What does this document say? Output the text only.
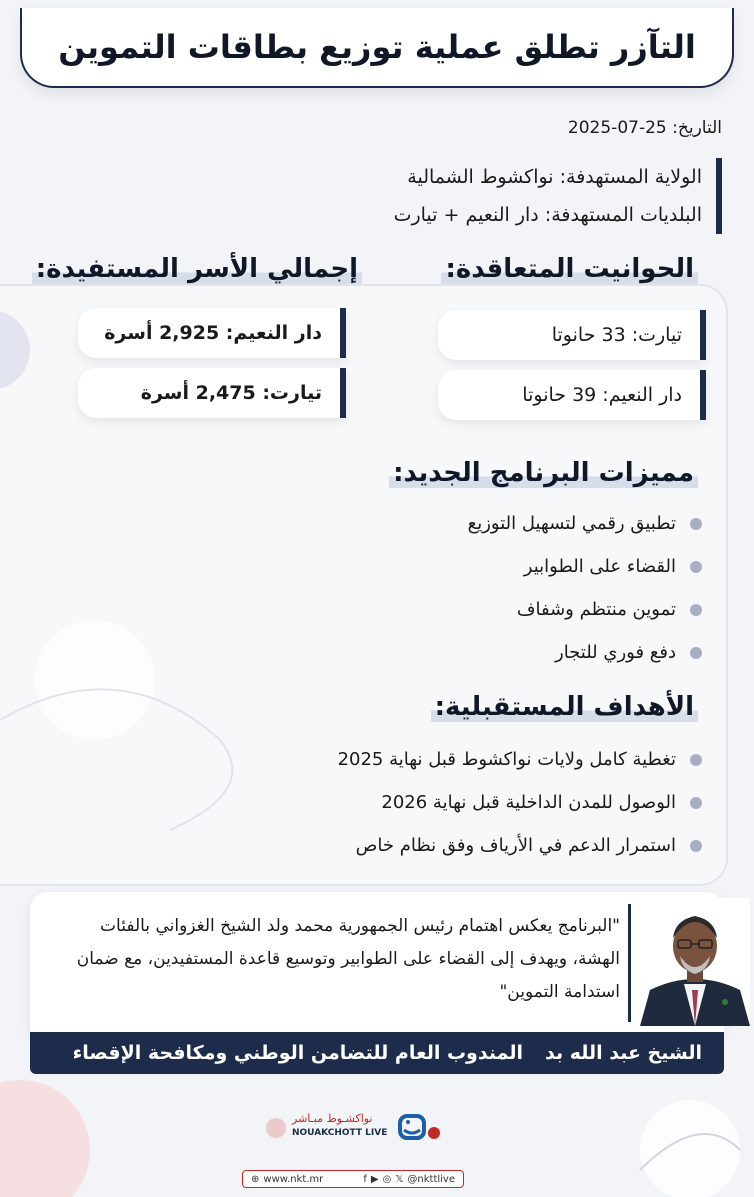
التآزر تطلق عملية توزيع بطاقات التموين
التاريخ: 25-07-2025
الولاية المستهدفة: نواكشوط الشمالية
البلديات المستهدفة: دار النعيم + تيارت
الحوانيت المتعاقدة:
إجمالي الأسر المستفيدة:
تيارت: 33 حانوتا
دار النعيم: 39 حانوتا
دار النعيم: 2,925 أسرة
تيارت: 2,475 أسرة
مميزات البرنامج الجديد:
تطبيق رقمي لتسهيل التوزيع
القضاء على الطوابير
تموين منتظم وشفاف
دفع فوري للتجار
الأهداف المستقبلية:
تغطية كامل ولايات نواكشوط قبل نهاية 2025
الوصول للمدن الداخلية قبل نهاية 2026
استمرار الدعم في الأرياف وفق نظام خاص
"البرنامج يعكس اهتمام رئيس الجمهورية محمد ولد الشيخ الغزواني بالفئات الهشة، ويهدف إلى القضاء على الطوابير وتوسيع قاعدة المستفيدين، مع ضمان استدامة التموين"
الشيخ عبد الله بد
المندوب العام للتضامن الوطني ومكافحة الإقصاء
نواكشـوط مبـاشر
NOUAKCHOTT LIVE
⊕ www.nkt.mr	f ▶ ◎ 𝕏 @nkttlive
